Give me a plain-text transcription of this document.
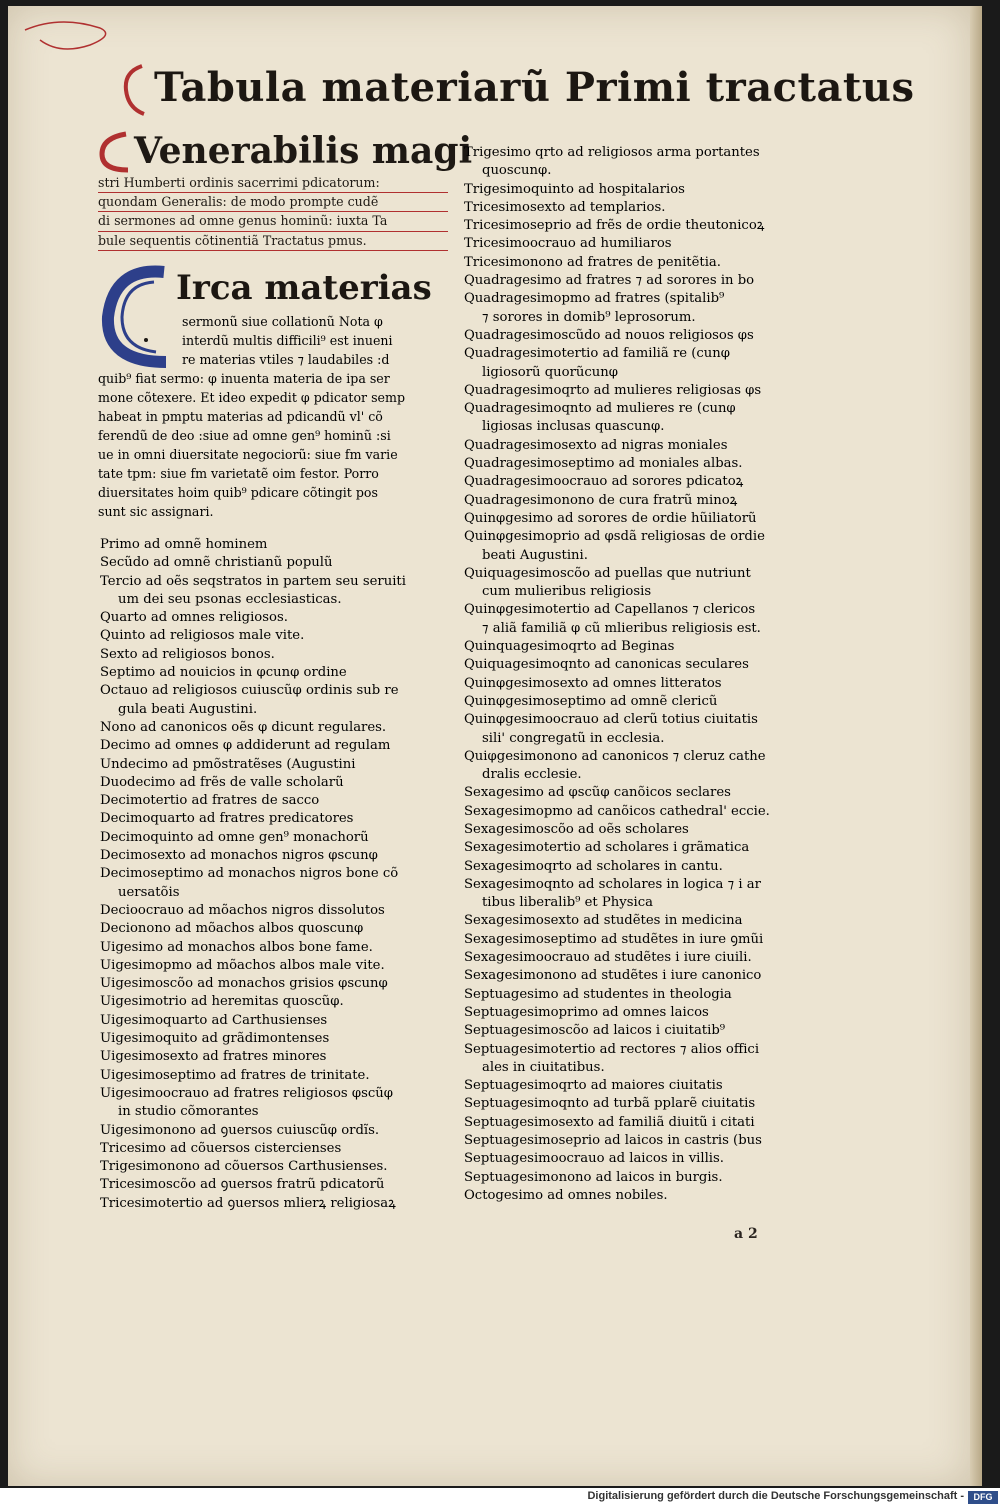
Tabula materiarũ Primi tractatus
Venerabilis magi
stri Humberti ordinis sacerrimi pdicatorum:
quondam Generalis: de modo prompte cudẽ
di sermones ad omne genus hominũ: iuxta Ta
bule sequentis cõtinentiã Tractatus pmus.
Irca materias
sermonũ siue collationũ Nota φ
interdũ multis difficili⁹ est inueni
re materias vtiles ⁊ laudabiles :d
quib⁹ fiat sermo: φ inuenta materia de ipa ser
mone cõtexere. Et ideo expedit φ pdicator semp
habeat in pmptu materias ad pdicandũ vl' cõ
ferendũ de deo :siue ad omne gen⁹ hominũ :si
ue in omni diuersitate negociorũ: siue fm varie
tate tpm: siue fm varietatẽ oim festor. Porro
diuersitates hoim quib⁹ pdicare cõtingit pos
sunt sic assignari.
Primo ad omnẽ hominem
Secũdo ad omnẽ christianũ populũ
Tercio ad oẽs seqstratos in partem seu seruiti
um dei seu psonas ecclesiasticas.
Quarto ad omnes religiosos.
Quinto ad religiosos male vite.
Sexto ad religiosos bonos.
Septimo ad nouicios in φcunφ ordine
Octauo ad religiosos cuiuscũφ ordinis sub re
gula beati Augustini.
Nono ad canonicos oẽs φ dicunt regulares.
Decimo ad omnes φ addiderunt ad regulam
Undecimo ad pmõstratẽses (Augustini
Duodecimo ad frẽs de valle scholarũ
Decimotertio ad fratres de sacco
Decimoquarto ad fratres predicatores
Decimoquinto ad omne gen⁹ monachorũ
Decimosexto ad monachos nigros φscunφ
Decimoseptimo ad monachos nigros bone cõ
uersatõis
Decioocrauo ad mõachos nigros dissolutos
Decionono ad mõachos albos quoscunφ
Uigesimo ad monachos albos bone fame.
Uigesimopmo ad mõachos albos male vite.
Uigesimoscõo ad monachos grisios φscunφ
Uigesimotrio ad heremitas quoscũφ.
Uigesimoquarto ad Carthusienses
Uigesimoquito ad grãdimontenses
Uigesimosexto ad fratres minores
Uigesimoseptimo ad fratres de trinitate.
Uigesimoocrauo ad fratres religiosos φscũφ
in studio cõmorantes
Uigesimonono ad ꝯuersos cuiuscũφ ordĩs.
Tricesimo ad cõuersos cistercienses
Trigesimonono ad cõuersos Carthusienses.
Tricesimoscõo ad ꝯuersos fratrũ pdicatorũ
Tricesimotertio ad ꝯuersos mlierꝝ religiosaꝝ
Trigesimo qrto ad religiosos arma portantes
quoscunφ.
Trigesimoquinto ad hospitalarios
Tricesimosexto ad templarios.
Tricesimoseprio ad frẽs de ordie theutonicoꝝ
Tricesimoocrauo ad humiliaros
Tricesimonono ad fratres de penitẽtia.
Quadragesimo ad fratres ⁊ ad sorores in bo
Quadragesimopmo ad fratres (spitalib⁹
⁊ sorores in domib⁹ leprosorum.
Quadragesimoscũdo ad nouos religiosos φs
Quadragesimotertio ad familiã re (cunφ
ligiosorũ quorũcunφ
Quadragesimoqrto ad mulieres religiosas φs
Quadragesimoqnto ad mulieres re (cunφ
ligiosas inclusas quascunφ.
Quadragesimosexto ad nigras moniales
Quadragesimoseptimo ad moniales albas.
Quadragesimoocrauo ad sorores pdicatoꝝ
Quadragesimonono de cura fratrũ minoꝝ
Quinφgesimo ad sorores de ordie hũiliatorũ
Quinφgesimoprio ad φsdã religiosas de ordie
beati Augustini.
Quiquagesimoscõo ad puellas que nutriunt
cum mulieribus religiosis
Quinφgesimotertio ad Capellanos ⁊ clericos
⁊ aliã familiã φ cũ mlieribus religiosis est.
Quinquagesimoqrto ad Beginas
Quiquagesimoqnto ad canonicas seculares
Quinφgesimosexto ad omnes litteratos
Quinφgesimoseptimo ad omnẽ clericũ
Quinφgesimoocrauo ad clerũ totius ciuitatis
sili' congregatũ in ecclesia.
Quiφgesimonono ad canonicos ⁊ cleruz cathe
dralis ecclesie.
Sexagesimo ad φscũφ canõicos seclares
Sexagesimopmo ad canõicos cathedral' eccie.
Sexagesimoscõo ad oẽs scholares
Sexagesimotertio ad scholares i grãmatica
Sexagesimoqrto ad scholares in cantu.
Sexagesimoqnto ad scholares in logica ⁊ i ar
tibus liberalib⁹ et Physica
Sexagesimosexto ad studẽtes in medicina
Sexagesimoseptimo ad studẽtes in iure ꝯmũi
Sexagesimoocrauo ad studẽtes i iure ciuili.
Sexagesimonono ad studẽtes i iure canonico
Septuagesimo ad studentes in theologia
Septuagesimoprimo ad omnes laicos
Septuagesimoscõo ad laicos i ciuitatib⁹
Septuagesimotertio ad rectores ⁊ alios offici
ales in ciuitatibus.
Septuagesimoqrto ad maiores ciuitatis
Septuagesimoqnto ad turbã pplarẽ ciuitatis
Septuagesimosexto ad familiã diuitũ i citati
Septuagesimoseprio ad laicos in castris (bus
Septuagesimoocrauo ad laicos in villis.
Septuagesimonono ad laicos in burgis.
Octogesimo ad omnes nobiles.
a 2
Digitalisierung gefördert durch die Deutsche Forschungsgemeinschaft -	DFG
